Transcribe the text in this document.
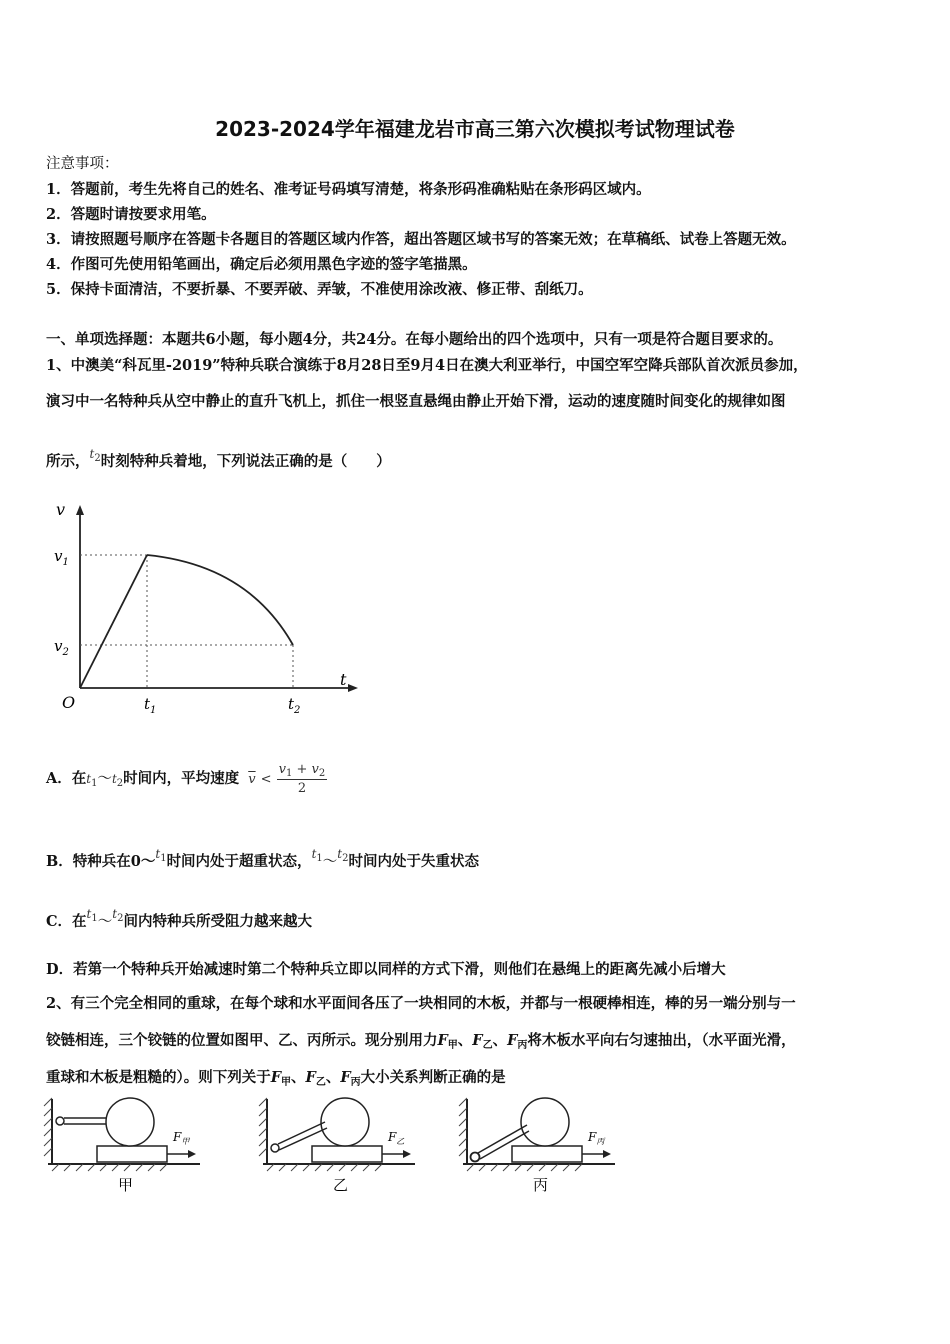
2023-2024学年福建龙岩市高三第六次模拟考试物理试卷
注意事项：
1．答题前，考生先将自己的姓名、准考证号码填写清楚，将条形码准确粘贴在条形码区域内。
2．答题时请按要求用笔。
3．请按照题号顺序在答题卡各题目的答题区域内作答，超出答题区域书写的答案无效；在草稿纸、试卷上答题无效。
4．作图可先使用铅笔画出，确定后必须用黑色字迹的签字笔描黑。
5．保持卡面清洁，不要折暴、不要弄破、弄皱，不准使用涂改液、修正带、刮纸刀。
一、单项选择题：本题共6小题，每小题4分，共24分。在每小题给出的四个选项中，只有一项是符合题目要求的。
1、中澳美“科瓦里-2019”特种兵联合演练于8月28日至9月4日在澳大利亚举行，中国空军空降兵部队首次派员参加，
演习中一名特种兵从空中静止的直升飞机上，抓住一根竖直悬绳由静止开始下滑，运动的速度随时间变化的规律如图
所示，$^{t_2}$时刻特种兵着地，下列说法正确的是（　　）
v
t
O
$v_1$
$v_2$
$t_1$	$t_2$
A．在$t_1\sim t_2$时间内，平均速度 $\overline{v} < \frac{v_1 + v_2}{2}$
B．特种兵在0～$^{t_1}$时间内处于超重状态，$^{t_1}$～$^{t_2}$时间内处于失重状态
C．在$^{t_1}$～$^{t_2}$间内特种兵所受阻力越来越大
D．若第一个特种兵开始减速时第二个特种兵立即以同样的方式下滑，则他们在悬绳上的距离先减小后增大
2、有三个完全相同的重球，在每个球和水平面间各压了一块相同的木板，并都与一根硬棒相连，棒的另一端分别与一
铰链相连，三个铰链的位置如图甲、乙、丙所示。现分别用力$F_甲$、$F_乙$、$F_丙$将木板水平向右匀速抽出，（水平面光滑，
重球和木板是粗糙的）。则下列关于$F_甲$、$F_乙$、$F_丙$大小关系判断正确的是
$F_甲$
甲
$F_乙$
乙
$F_丙$
丙
